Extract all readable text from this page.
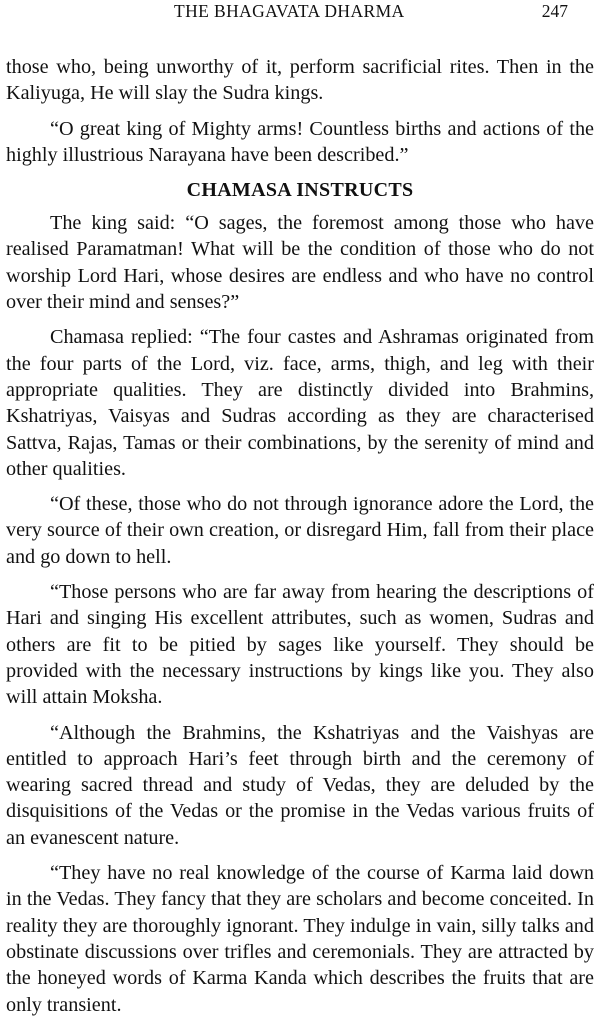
THE BHAGAVATA DHARMA	247

those who, being unworthy of it, perform sacrificial rites. Then in the Kaliyuga, He will slay the Sudra kings.

“O great king of Mighty arms! Countless births and actions of the highly illustrious Narayana have been described.”

CHAMASA INSTRUCTS

The king said: “O sages, the foremost among those who have realised Paramatman! What will be the condition of those who do not worship Lord Hari, whose desires are endless and who have no control over their mind and senses?”

Chamasa replied: “The four castes and Ashramas originated from the four parts of the Lord, viz. face, arms, thigh, and leg with their appropriate qualities. They are distinctly divided into Brahmins, Kshatriyas, Vaisyas and Sudras according as they are characterised Sattva, Rajas, Tamas or their combinations, by the serenity of mind and other qualities.

“Of these, those who do not through ignorance adore the Lord, the very source of their own creation, or disregard Him, fall from their place and go down to hell.

“Those persons who are far away from hearing the descriptions of Hari and singing His excellent attributes, such as women, Sudras and others are fit to be pitied by sages like yourself. They should be provided with the necessary instructions by kings like you. They also will attain Moksha.

“Although the Brahmins, the Kshatriyas and the Vaishyas are entitled to approach Hari’s feet through birth and the ceremony of wearing sacred thread and study of Vedas, they are deluded by the disquisitions of the Vedas or the promise in the Vedas various fruits of an evanescent nature.

“They have no real knowledge of the course of Karma laid down in the Vedas. They fancy that they are scholars and become conceited. In reality they are thoroughly ignorant. They indulge in vain, silly talks and obstinate discussions over trifles and ceremonials. They are attracted by the honeyed words of Karma Kanda which describes the fruits that are only transient.
